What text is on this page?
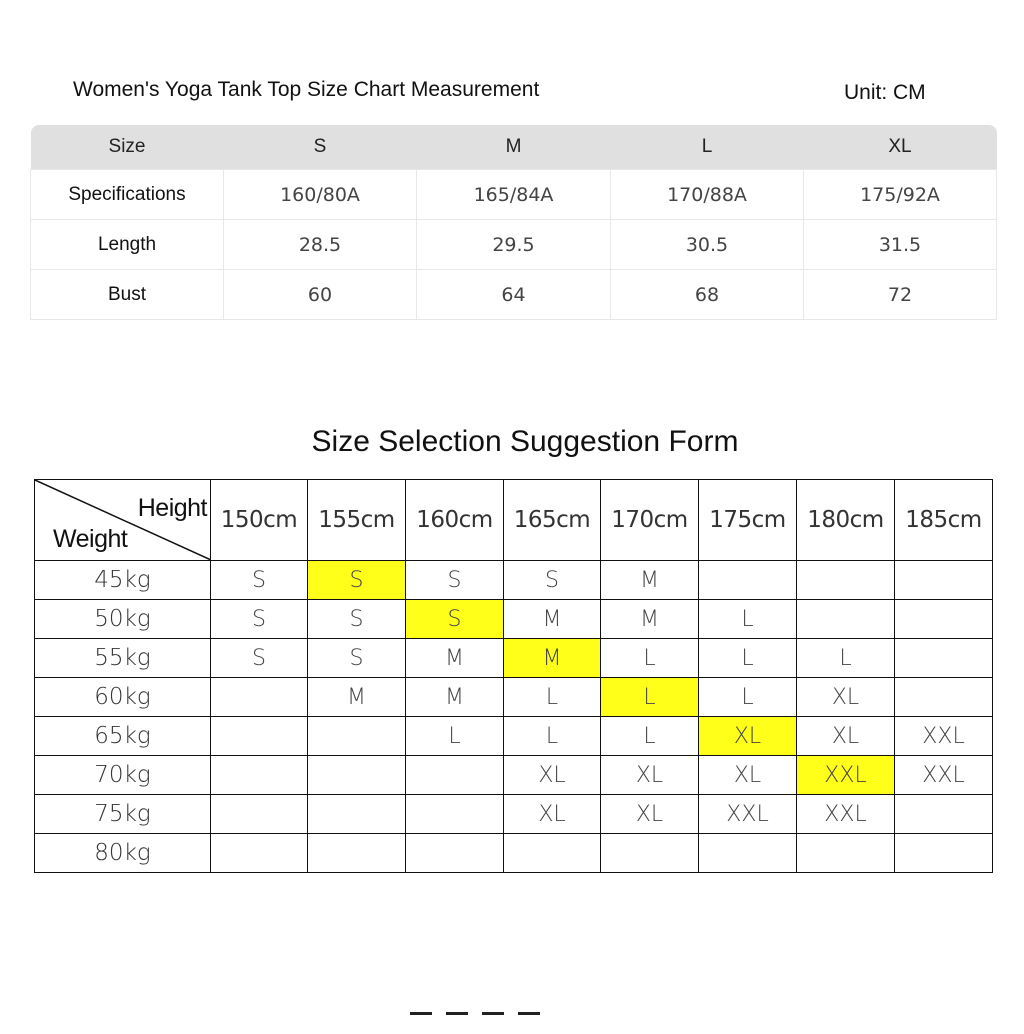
Women's Yoga Tank Top Size Chart Measurement	Unit: CM
Size	S	M	L	XL
Specifications	160/80A	165/84A	170/88A	175/92A
Length	28.5	29.5	30.5	31.5
Bust	60	64	68	72
Size Selection Suggestion Form
Height
Weight	150cm	155cm	160cm	165cm	170cm	175cm	180cm	185cm
45kg	S	S	S	S	M			
50kg	S	S	S	M	M	L		
55kg	S	S	M	M	L	L	L	
60kg		M	M	L	L	L	XL	
65kg			L	L	L	XL	XL	XXL
70kg				XL	XL	XL	XXL	XXL
75kg				XL	XL	XXL	XXL	
80kg								
